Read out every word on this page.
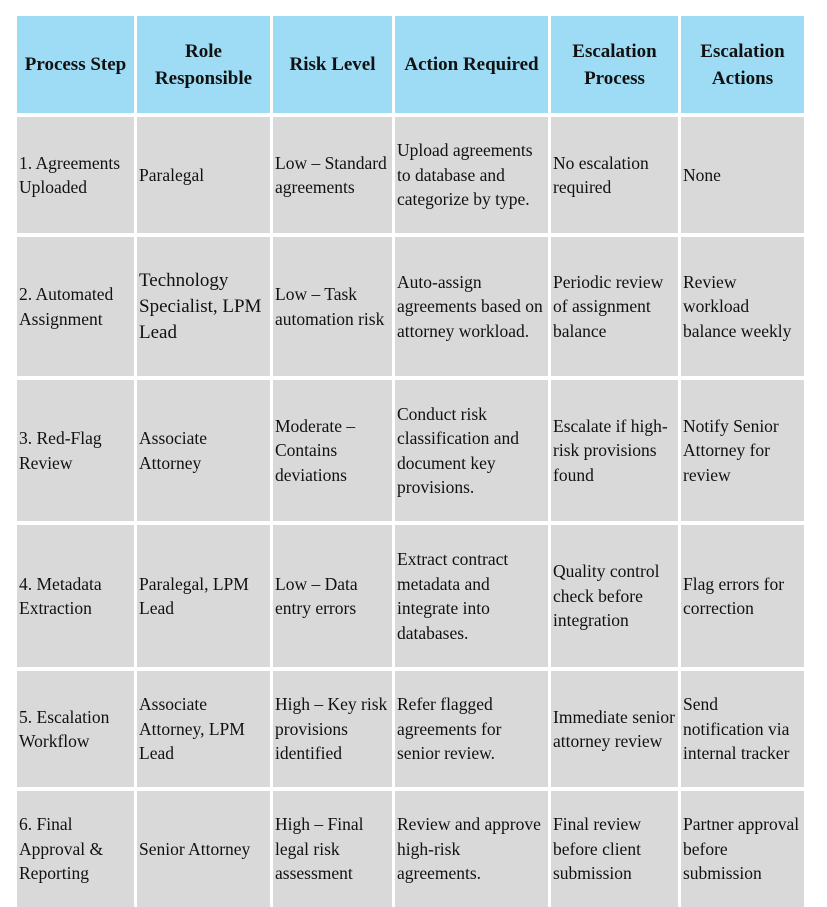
Process Step
Role Responsible
Risk Level Action Required
Escalation Process
Escalation Actions
1. Agreements Uploaded
Paralegal
Low – Standard agreements
Upload agreements to database and categorize by type.
No escalation required
None
2. Automated Assignment
Technology Specialist, LPM Lead
Low – Task automation risk
Auto-assign agreements based on attorney workload.
Periodic review of assignment balance
Review workload balance weekly
3. Red-Flag Review
Associate Attorney
Moderate – Contains deviations
Conduct risk classification and document key provisions.
Escalate if high-risk provisions found
Notify Senior Attorney for review
4. Metadata Extraction
Paralegal, LPM Lead
Low – Data entry errors
Extract contract metadata and integrate into databases.
Quality control check before integration
Flag errors for correction
5. Escalation Workflow
Associate Attorney, LPM Lead
High – Key risk provisions identified
Refer flagged agreements for senior review.
Immediate senior attorney review
Send notification via internal tracker
6. Final Approval & Reporting
Senior Attorney
High – Final legal risk assessment
Review and approve high-risk agreements.
Final review before client submission
Partner approval before submission
